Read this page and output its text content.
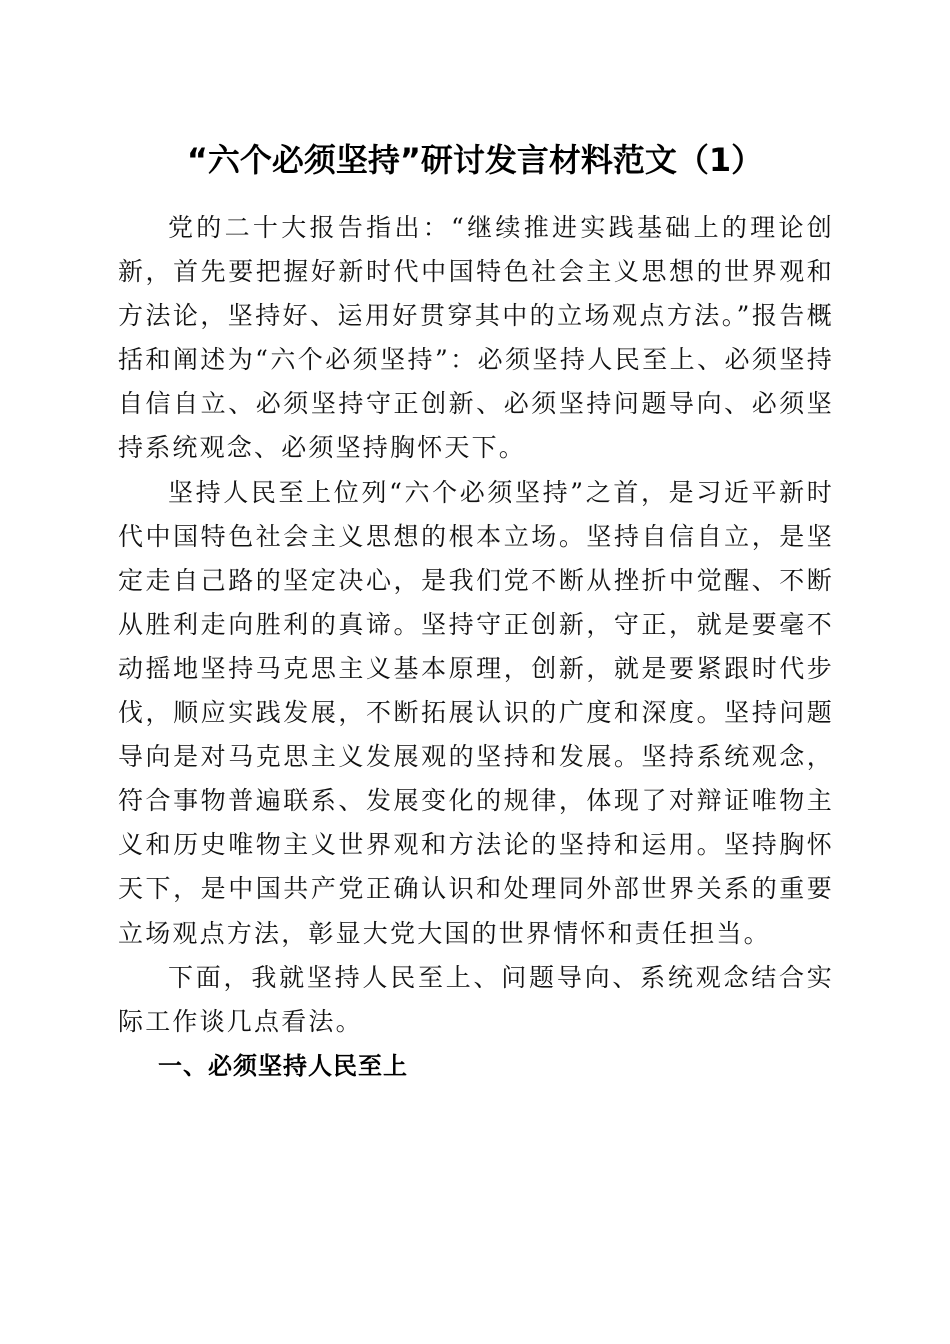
“六个必须坚持”研讨发言材料范文（1）

党的二十大报告指出：“继续推进实践基础上的理论创新，首先要把握好新时代中国特色社会主义思想的世界观和方法论，坚持好、运用好贯穿其中的立场观点方法。”报告概括和阐述为“六个必须坚持”：必须坚持人民至上、必须坚持自信自立、必须坚持守正创新、必须坚持问题导向、必须坚持系统观念、必须坚持胸怀天下。

坚持人民至上位列“六个必须坚持”之首，是习近平新时代中国特色社会主义思想的根本立场。坚持自信自立，是坚定走自己路的坚定决心，是我们党不断从挫折中觉醒、不断从胜利走向胜利的真谛。坚持守正创新，守正，就是要毫不动摇地坚持马克思主义基本原理，创新，就是要紧跟时代步伐，顺应实践发展，不断拓展认识的广度和深度。坚持问题导向是对马克思主义发展观的坚持和发展。坚持系统观念，符合事物普遍联系、发展变化的规律，体现了对辩证唯物主义和历史唯物主义世界观和方法论的坚持和运用。坚持胸怀天下，是中国共产党正确认识和处理同外部世界关系的重要立场观点方法，彰显大党大国的世界情怀和责任担当。

下面，我就坚持人民至上、问题导向、系统观念结合实际工作谈几点看法。

一、必须坚持人民至上
